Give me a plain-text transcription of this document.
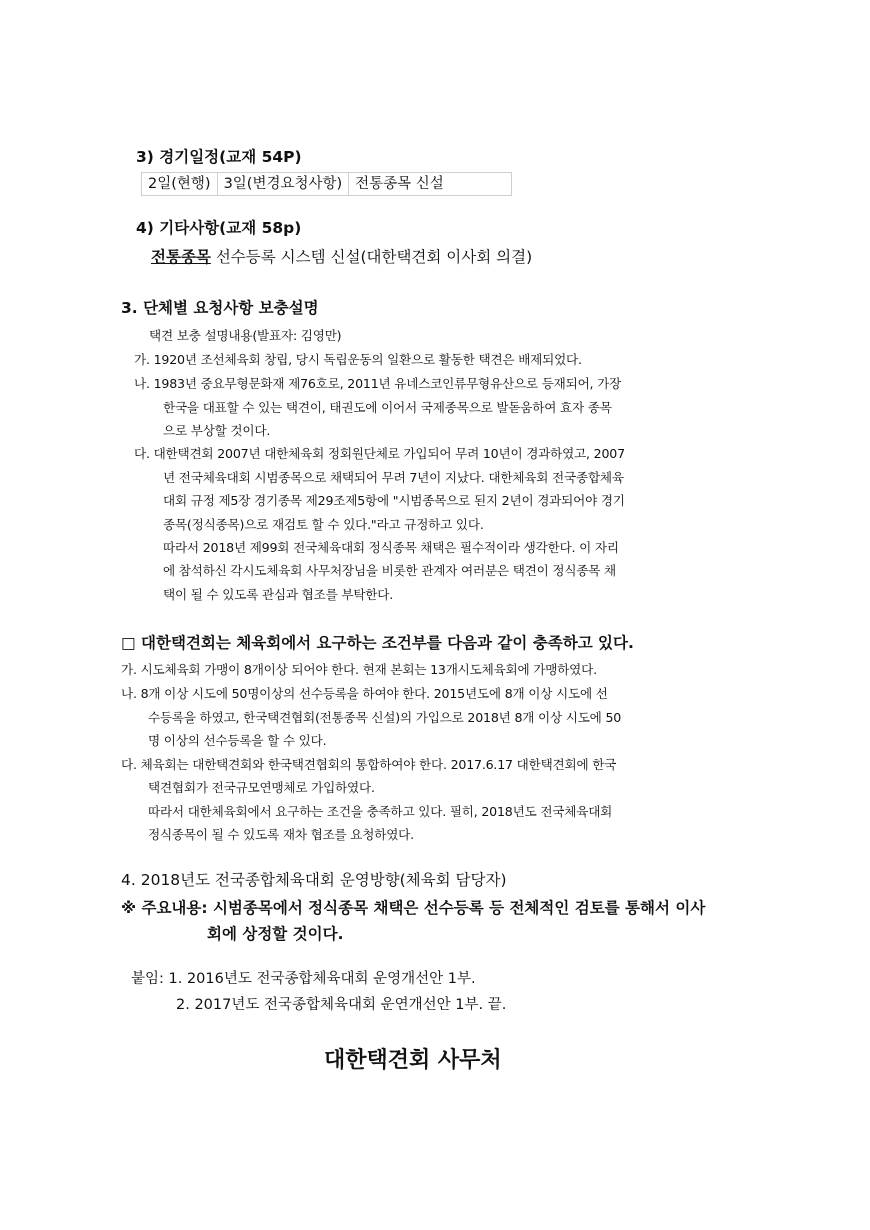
3) 경기일정(교재 54P)
2일(현행) 3일(변경요청사항) 전통종목 신설
4) 기타사항(교재 58p)
전통종목 선수등록 시스템 신설(대한택견회 이사회 의결)
3. 단체별 요청사항 보충설명
택견 보충 설명내용(발표자: 김영만)
가. 1920년 조선체육회 창립, 당시 독립운동의 일환으로 활동한 택견은 배제되었다.
나. 1983년 중요무형문화재 제76호로, 2011년 유네스코인류무형유산으로 등재되어, 가장
한국을 대표할 수 있는 택견이, 태권도에 이어서 국제종목으로 발돋움하여 효자 종목
으로 부상할 것이다.
다. 대한택견회 2007년 대한체육회 정회원단체로 가입되어 무려 10년이 경과하였고, 2007
년 전국체육대회 시범종목으로 채택되어 무려 7년이 지났다. 대한체육회 전국종합체육
대회 규정 제5장 경기종목 제29조제5항에 "시범종목으로 된지 2년이 경과되어야 경기
종목(정식종목)으로 재검토 할 수 있다."라고 규정하고 있다.
따라서 2018년 제99회 전국체육대회 정식종목 채택은 필수적이라 생각한다. 이 자리
에 참석하신 각시도체육회 사무처장님을 비롯한 관계자 여러분은 택견이 정식종목 채
택이 될 수 있도록 관심과 협조를 부탁한다.
□ 대한택견회는 체육회에서 요구하는 조건부를 다음과 같이 충족하고 있다.
가. 시도체육회 가맹이 8개이상 되어야 한다. 현재 본회는 13개시도체육회에 가맹하였다.
나. 8개 이상 시도에 50명이상의 선수등록을 하여야 한다. 2015년도에 8개 이상 시도에 선
수등록을 하였고, 한국택견협회(전통종목 신설)의 가입으로 2018년 8개 이상 시도에 50
명 이상의 선수등록을 할 수 있다.
다. 체육회는 대한택견회와 한국택견협회의 통합하여야 한다. 2017.6.17 대한택견회에 한국
택견협회가 전국규모연맹체로 가입하였다.
따라서 대한체육회에서 요구하는 조건을 충족하고 있다. 필히, 2018년도 전국체육대회
정식종목이 될 수 있도록 재차 협조를 요청하였다.
4. 2018년도 전국종합체육대회 운영방향(체육회 담당자)
※ 주요내용: 시범종목에서 정식종목 채택은 선수등록 등 전체적인 검토를 통해서 이사
회에 상정할 것이다.
붙임: 1. 2016년도 전국종합체육대회 운영개선안 1부.
2. 2017년도 전국종합체육대회 운연개선안 1부. 끝.
대한택견회 사무처
